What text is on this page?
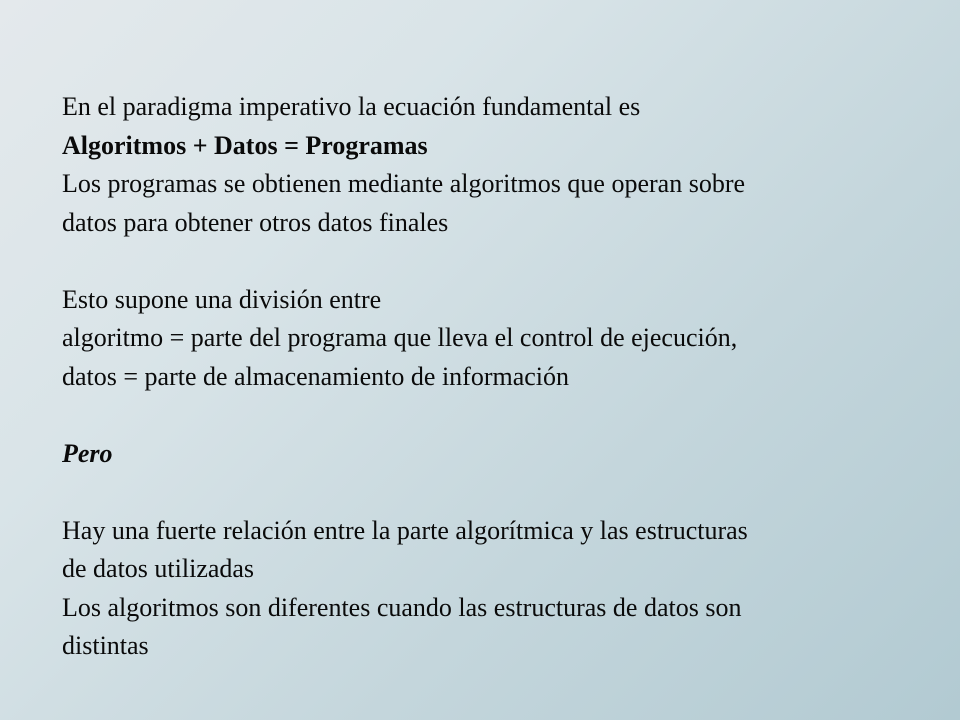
En el paradigma imperativo la ecuación fundamental es
Algoritmos + Datos = Programas
Los programas se obtienen mediante algoritmos que operan sobre
datos para obtener otros datos finales
Esto supone una división entre
algoritmo = parte del programa que lleva el control de ejecución,
datos = parte de almacenamiento de información
Pero
Hay una fuerte relación entre la parte algorítmica y las estructuras
de datos utilizadas
Los algoritmos son diferentes cuando las estructuras de datos son
distintas
